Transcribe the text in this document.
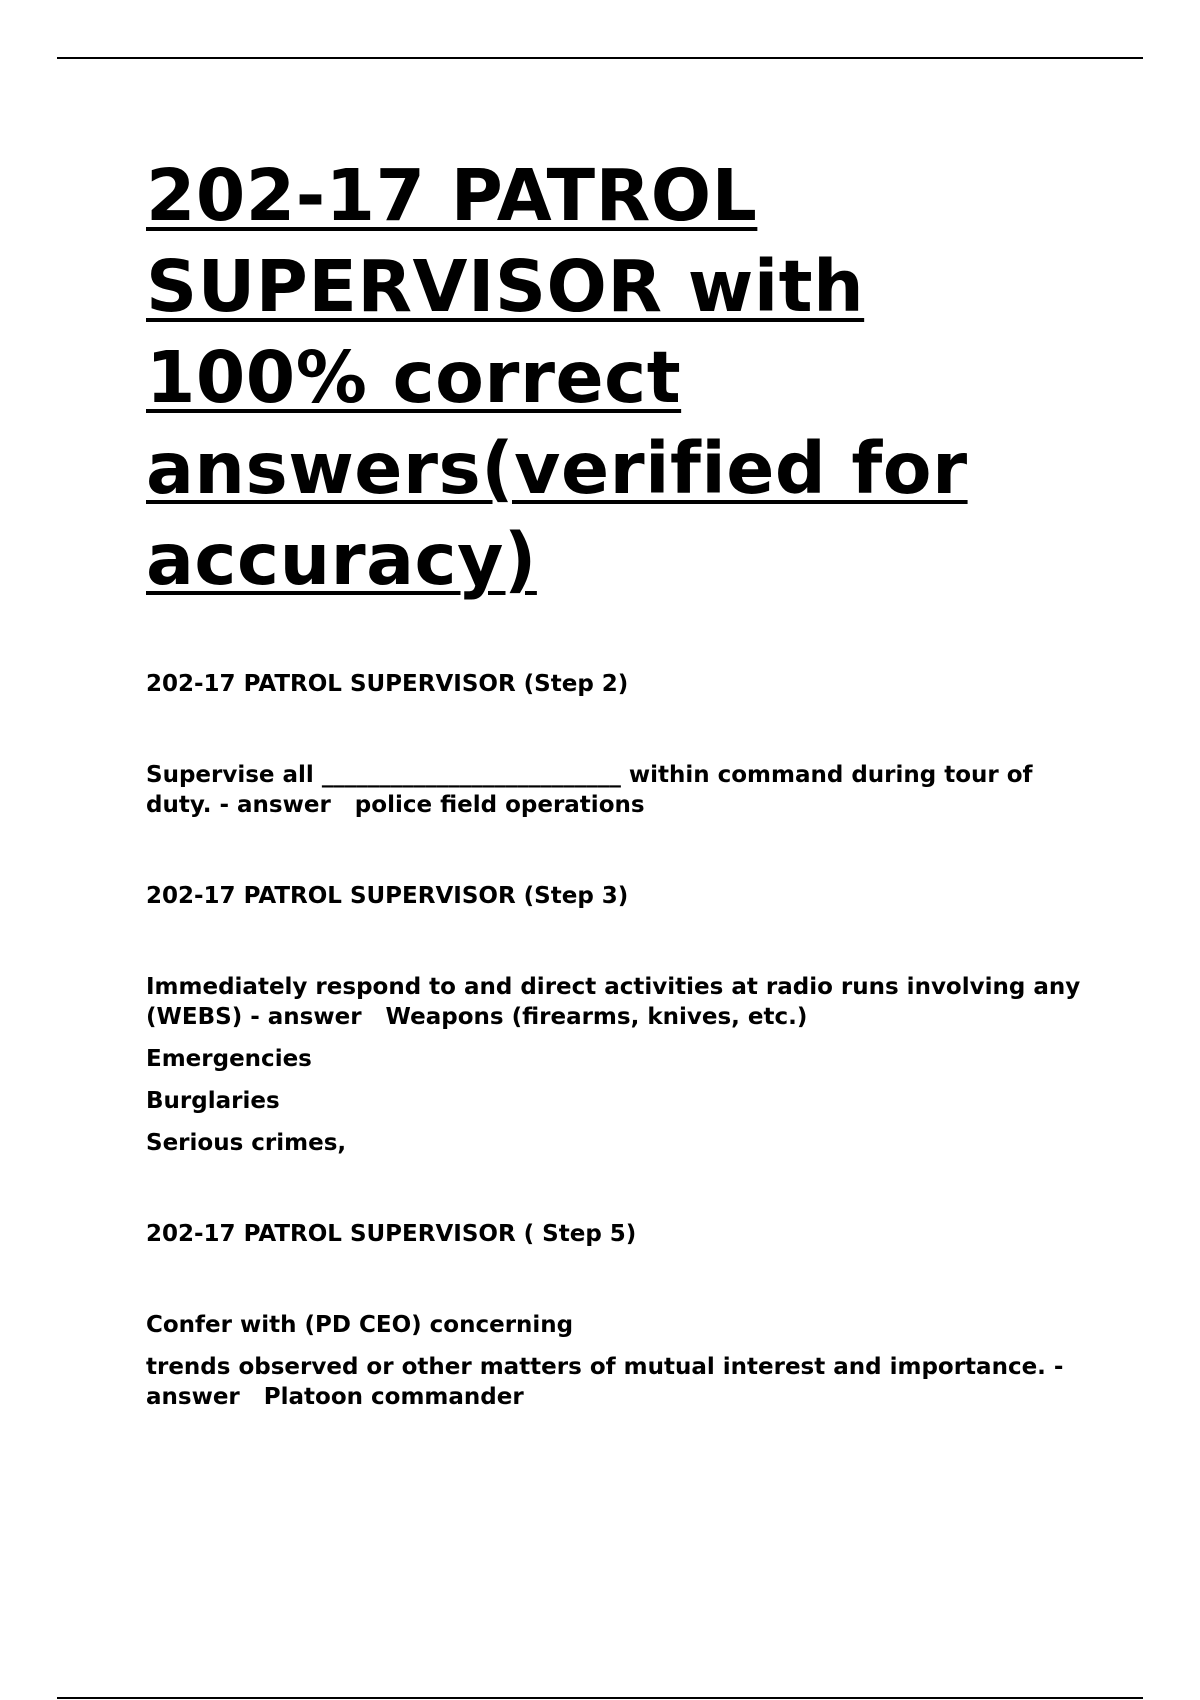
202-17 PATROL SUPERVISOR with 100% correct answers(verified for accuracy)

202-17 PATROL SUPERVISOR (Step 2)

Supervise all __________________________ within command during tour of duty. - answer   police field operations

202-17 PATROL SUPERVISOR (Step 3)

Immediately respond to and direct activities at radio runs involving any (WEBS) - answer   Weapons (firearms, knives, etc.)

Emergencies

Burglaries

Serious crimes,

202-17 PATROL SUPERVISOR ( Step 5)

Confer with (PD CEO) concerning

trends observed or other matters of mutual interest and importance. - answer   Platoon commander
